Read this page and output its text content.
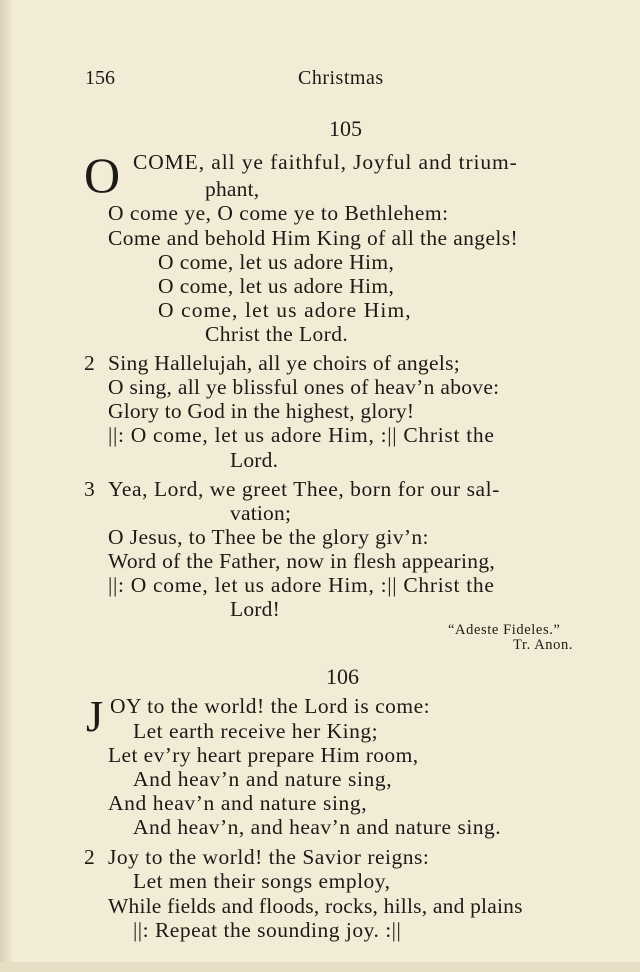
156	Christmas
105
O COME, all ye faithful, Joyful and trium-
phant,
O come ye, O come ye to Bethlehem:
Come and behold Him King of all the angels!
O come, let us adore Him,
O come, let us adore Him,
O come, let us adore Him,
Christ the Lord.
2 Sing Hallelujah, all ye choirs of angels;
O sing, all ye blissful ones of heav’n above:
Glory to God in the highest, glory!
||: O come, let us adore Him, :|| Christ the
Lord.
3 Yea, Lord, we greet Thee, born for our sal-
vation;
O Jesus, to Thee be the glory giv’n:
Word of the Father, now in flesh appearing,
||: O come, let us adore Him, :|| Christ the
Lord!
“Adeste Fideles.”
Tr. Anon.
106
J OY to the world! the Lord is come:
Let earth receive her King;
Let ev’ry heart prepare Him room,
And heav’n and nature sing,
And heav’n and nature sing,
And heav’n, and heav’n and nature sing.
2 Joy to the world! the Savior reigns:
Let men their songs employ,
While fields and floods, rocks, hills, and plains
||: Repeat the sounding joy. :||
